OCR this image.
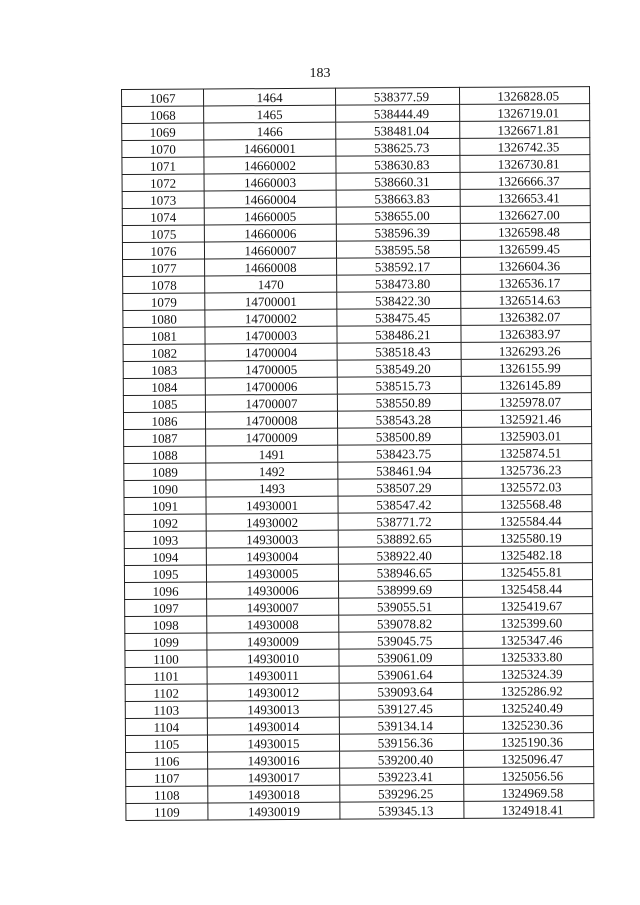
183
1067	1464	538377.59	1326828.05
1068	1465	538444.49	1326719.01
1069	1466	538481.04	1326671.81
1070	14660001	538625.73	1326742.35
1071	14660002	538630.83	1326730.81
1072	14660003	538660.31	1326666.37
1073	14660004	538663.83	1326653.41
1074	14660005	538655.00	1326627.00
1075	14660006	538596.39	1326598.48
1076	14660007	538595.58	1326599.45
1077	14660008	538592.17	1326604.36
1078	1470	538473.80	1326536.17
1079	14700001	538422.30	1326514.63
1080	14700002	538475.45	1326382.07
1081	14700003	538486.21	1326383.97
1082	14700004	538518.43	1326293.26
1083	14700005	538549.20	1326155.99
1084	14700006	538515.73	1326145.89
1085	14700007	538550.89	1325978.07
1086	14700008	538543.28	1325921.46
1087	14700009	538500.89	1325903.01
1088	1491	538423.75	1325874.51
1089	1492	538461.94	1325736.23
1090	1493	538507.29	1325572.03
1091	14930001	538547.42	1325568.48
1092	14930002	538771.72	1325584.44
1093	14930003	538892.65	1325580.19
1094	14930004	538922.40	1325482.18
1095	14930005	538946.65	1325455.81
1096	14930006	538999.69	1325458.44
1097	14930007	539055.51	1325419.67
1098	14930008	539078.82	1325399.60
1099	14930009	539045.75	1325347.46
1100	14930010	539061.09	1325333.80
1101	14930011	539061.64	1325324.39
1102	14930012	539093.64	1325286.92
1103	14930013	539127.45	1325240.49
1104	14930014	539134.14	1325230.36
1105	14930015	539156.36	1325190.36
1106	14930016	539200.40	1325096.47
1107	14930017	539223.41	1325056.56
1108	14930018	539296.25	1324969.58
1109	14930019	539345.13	1324918.41
